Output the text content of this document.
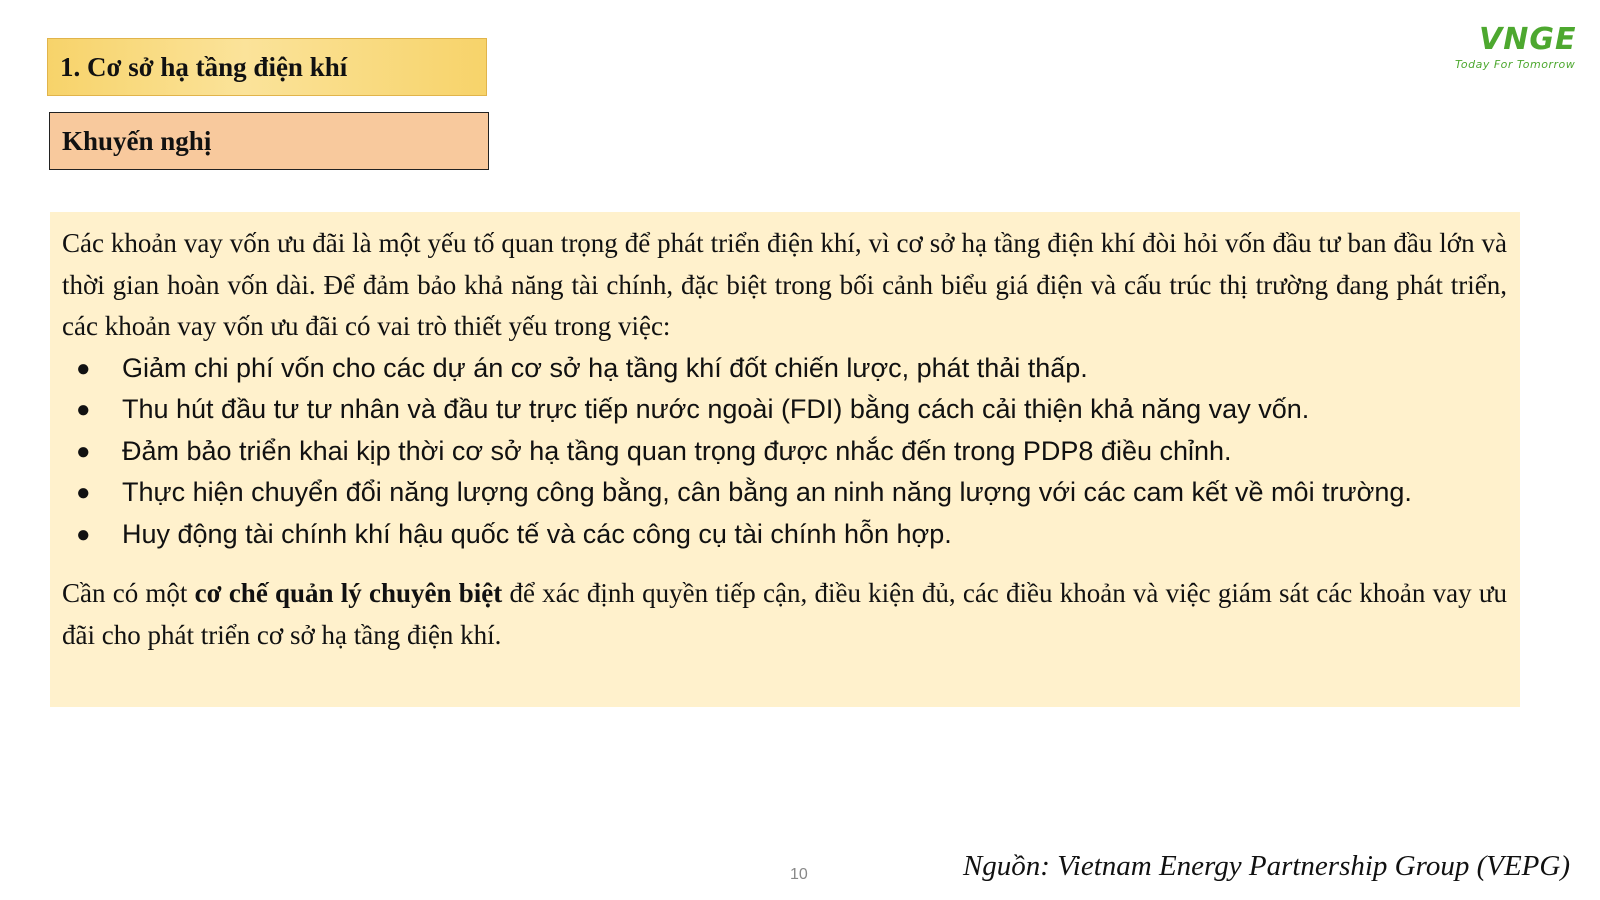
VNGE
Today For Tomorrow
1. Cơ sở hạ tầng điện khí
Khuyến nghị

Các khoản vay vốn ưu đãi là một yếu tố quan trọng để phát triển điện khí, vì cơ sở hạ tầng điện khí đòi hỏi vốn đầu tư ban đầu lớn và thời gian hoàn vốn dài. Để đảm bảo khả năng tài chính, đặc biệt trong bối cảnh biểu giá điện và cấu trúc thị trường đang phát triển, các khoản vay vốn ưu đãi có vai trò thiết yếu trong việc:

● Giảm chi phí vốn cho các dự án cơ sở hạ tầng khí đốt chiến lược, phát thải thấp.
● Thu hút đầu tư tư nhân và đầu tư trực tiếp nước ngoài (FDI) bằng cách cải thiện khả năng vay vốn.
● Đảm bảo triển khai kịp thời cơ sở hạ tầng quan trọng được nhắc đến trong PDP8 điều chỉnh.
● Thực hiện chuyển đổi năng lượng công bằng, cân bằng an ninh năng lượng với các cam kết về môi trường.
● Huy động tài chính khí hậu quốc tế và các công cụ tài chính hỗn hợp.

Cần có một cơ chế quản lý chuyên biệt để xác định quyền tiếp cận, điều kiện đủ, các điều khoản và việc giám sát các khoản vay ưu đãi cho phát triển cơ sở hạ tầng điện khí.

10	Nguồn: Vietnam Energy Partnership Group (VEPG)
